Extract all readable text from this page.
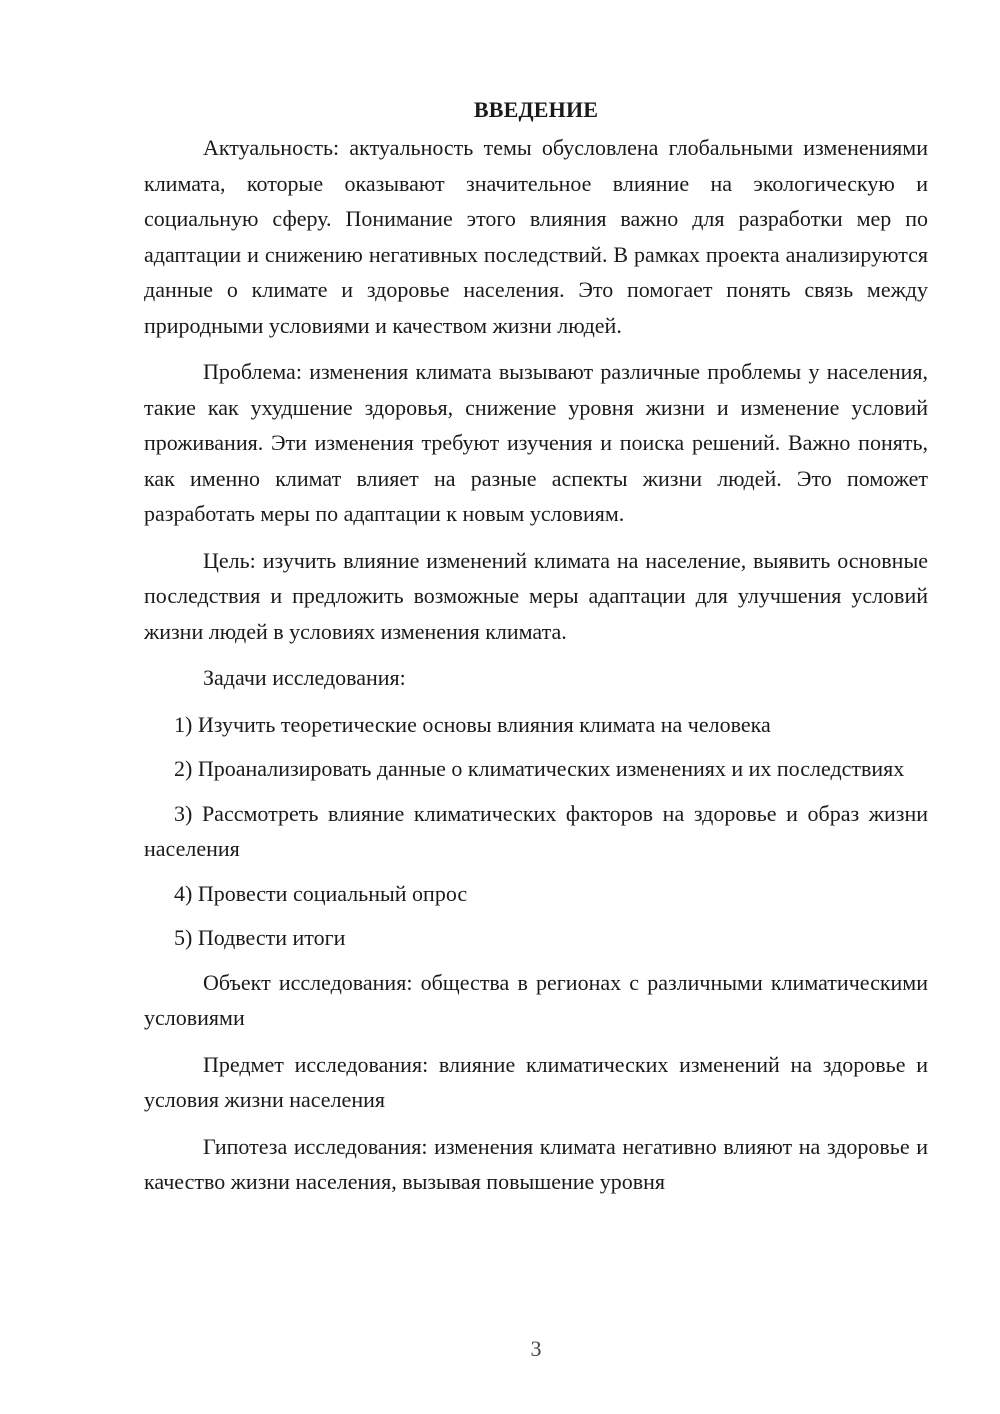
ВВЕДЕНИЕ

Актуальность: актуальность темы обусловлена глобальными изменениями климата, которые оказывают значительное влияние на экологическую и социальную сферу. Понимание этого влияния важно для разработки мер по адаптации и снижению негативных последствий. В рамках проекта анализируются данные о климате и здоровье населения. Это помогает понять связь между природными условиями и качеством жизни людей.

Проблема: изменения климата вызывают различные проблемы у населения, такие как ухудшение здоровья, снижение уровня жизни и изменение условий проживания. Эти изменения требуют изучения и поиска решений. Важно понять, как именно климат влияет на разные аспекты жизни людей. Это поможет разработать меры по адаптации к новым условиям.

Цель: изучить влияние изменений климата на население, выявить основные последствия и предложить возможные меры адаптации для улучшения условий жизни людей в условиях изменения климата.

Задачи исследования:

1) Изучить теоретические основы влияния климата на человека

2) Проанализировать данные о климатических изменениях и их последствиях

3) Рассмотреть влияние климатических факторов на здоровье и образ жизни населения

4) Провести социальный опрос

5) Подвести итоги

Объект исследования: общества в регионах с различными климатическими условиями

Предмет исследования: влияние климатических изменений на здоровье и условия жизни населения

Гипотеза исследования: изменения климата негативно влияют на здоровье и качество жизни населения, вызывая повышение уровня

3
